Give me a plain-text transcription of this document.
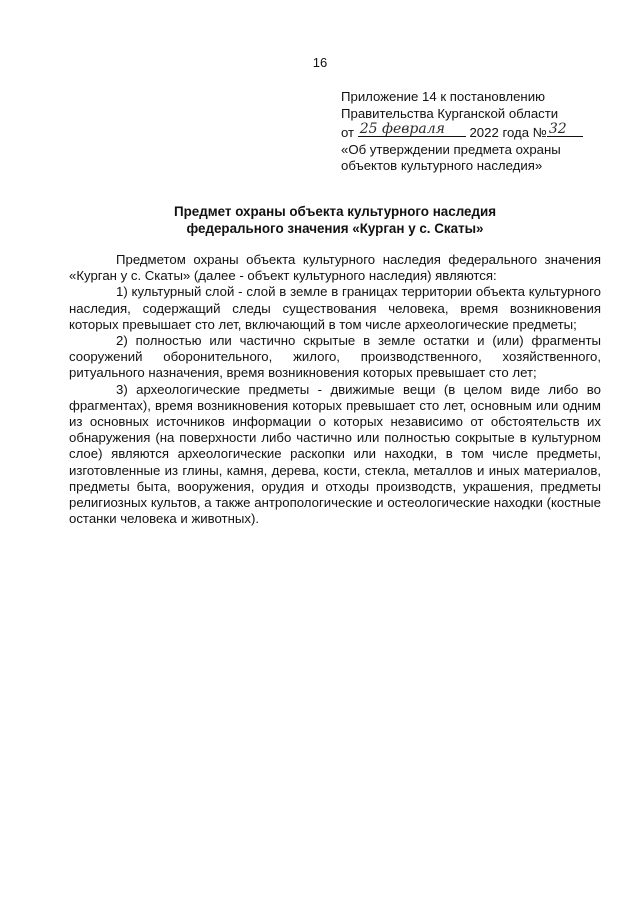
16
Приложение 14 к постановлению
Правительства Курганской области
от 25 февраля 2022 года № 32
«Об утверждении предмета охраны
объектов культурного наследия»
Предмет охраны объекта культурного наследия
федерального значения «Курган у с. Скаты»

Предметом охраны объекта культурного наследия федерального значения «Курган у с. Скаты» (далее - объект культурного наследия) являются:

1) культурный слой - слой в земле в границах территории объекта культурного наследия, содержащий следы существования человека, время возникновения которых превышает сто лет, включающий в том числе археологические предметы;

2) полностью или частично скрытые в земле остатки и (или) фрагменты сооружений оборонительного, жилого, производственного, хозяйственного, ритуального назначения, время возникновения которых превышает сто лет;

3) археологические предметы - движимые вещи (в целом виде либо во фрагментах), время возникновения которых превышает сто лет, основным или одним из основных источников информации о которых независимо от обстоятельств их обнаружения (на поверхности либо частично или полностью сокрытые в культурном слое) являются археологические раскопки или находки, в том числе предметы, изготовленные из глины, камня, дерева, кости, стекла, металлов и иных материалов, предметы быта, вооружения, орудия и отходы производств, украшения, предметы религиозных культов, а также антропологические и остеологические находки (костные останки человека и животных).
